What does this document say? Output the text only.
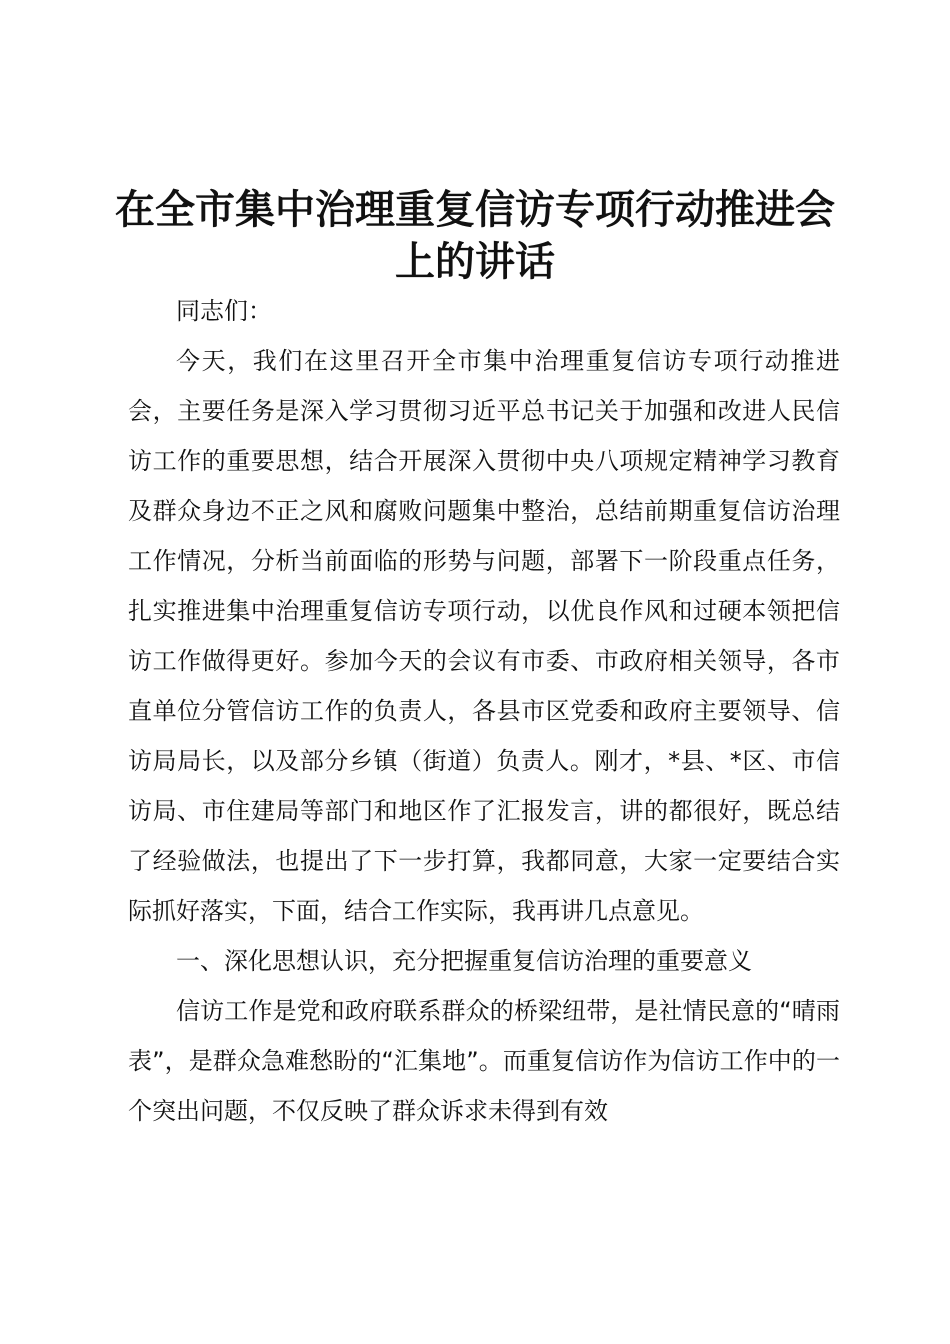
在全市集中治理重复信访专项行动推进会上的讲话

同志们：

今天，我们在这里召开全市集中治理重复信访专项行动推进会，主要任务是深入学习贯彻习近平总书记关于加强和改进人民信访工作的重要思想，结合开展深入贯彻中央八项规定精神学习教育及群众身边不正之风和腐败问题集中整治，总结前期重复信访治理工作情况，分析当前面临的形势与问题，部署下一阶段重点任务，扎实推进集中治理重复信访专项行动，以优良作风和过硬本领把信访工作做得更好。参加今天的会议有市委、市政府相关领导，各市直单位分管信访工作的负责人，各县市区党委和政府主要领导、信访局局长，以及部分乡镇（街道）负责人。刚才，*县、*区、市信访局、市住建局等部门和地区作了汇报发言，讲的都很好，既总结了经验做法，也提出了下一步打算，我都同意，大家一定要结合实际抓好落实，下面，结合工作实际，我再讲几点意见。

一、深化思想认识，充分把握重复信访治理的重要意义

信访工作是党和政府联系群众的桥梁纽带，是社情民意的“晴雨表”，是群众急难愁盼的“汇集地”。而重复信访作为信访工作中的一个突出问题，不仅反映了群众诉求未得到有效
